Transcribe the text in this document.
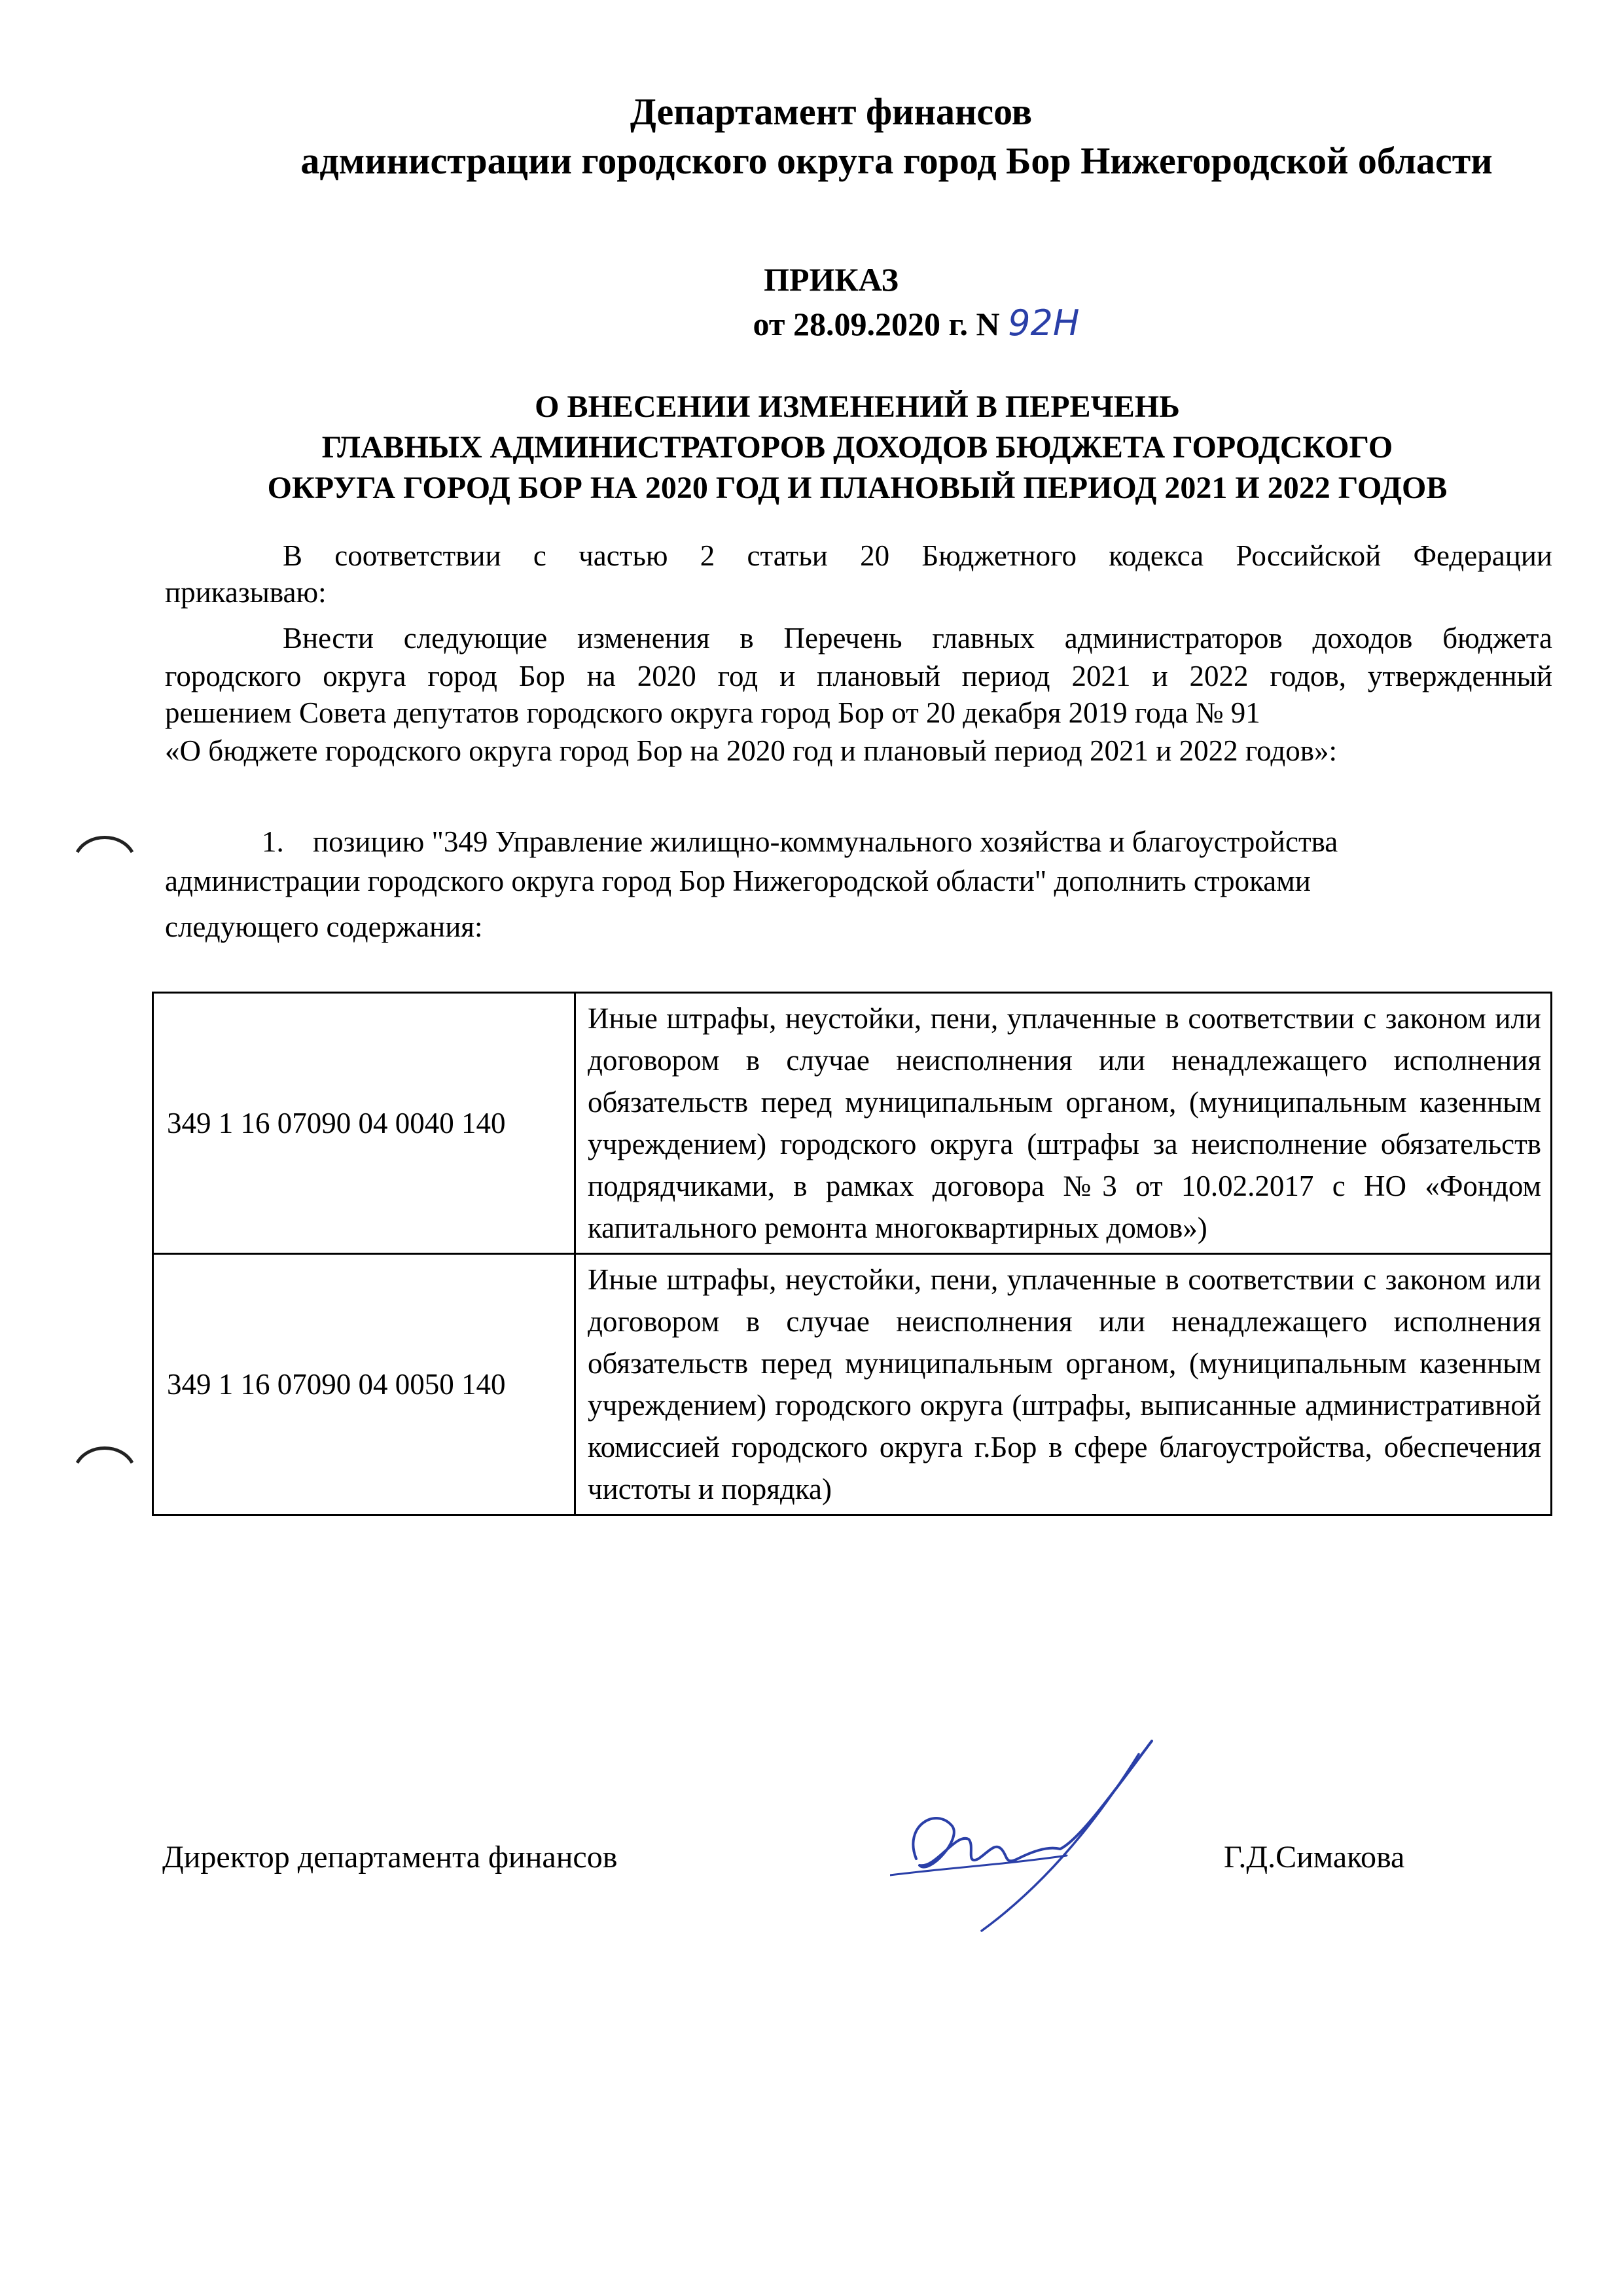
Департамент финансов
администрации городского округа город Бор Нижегородской области
ПРИКАЗ
от 28.09.2020 г. N 92Н
О ВНЕСЕНИИ ИЗМЕНЕНИЙ В ПЕРЕЧЕНЬ
ГЛАВНЫХ АДМИНИСТРАТОРОВ ДОХОДОВ БЮДЖЕТА ГОРОДСКОГО
ОКРУГА ГОРОД БОР НА 2020 ГОД И ПЛАНОВЫЙ ПЕРИОД 2021 И 2022 ГОДОВ
В соответствии с частью 2 статьи 20 Бюджетного кодекса Российской Федерации
приказываю:
Внести следующие изменения в Перечень главных администраторов доходов бюджета
городского округа город Бор на 2020 год и плановый период 2021 и 2022 годов, утвержденный
решением Совета депутатов городского округа город Бор от 20 декабря 2019 года № 91
«О бюджете городского округа город Бор на 2020 год и плановый период 2021 и 2022 годов»:
1. позицию "349 Управление жилищно-коммунального хозяйства и благоустройства
администрации городского округа город Бор Нижегородской области" дополнить строками
следующего содержания:
349 1 16 07090 04 0040 140	Иные штрафы, неустойки, пени, уплаченные в соответствии с законом или договором в случае неисполнения или ненадлежащего исполнения обязательств перед муниципальным органом, (муниципальным казенным учреждением) городского округа (штрафы за неисполнение обязательств подрядчиками, в рамках договора №3 от 10.02.2017 с НО «Фондом капитального ремонта многоквартирных домов»)
349 1 16 07090 04 0050 140	Иные штрафы, неустойки, пени, уплаченные в соответствии с законом или договором в случае неисполнения или ненадлежащего исполнения обязательств перед муниципальным органом, (муниципальным казенным учреждением) городского округа (штрафы, выписанные административной комиссией городского округа г.Бор в сфере благоустройства, обеспечения чистоты и порядка)
Директор департамента финансов	Г.Д.Симакова
